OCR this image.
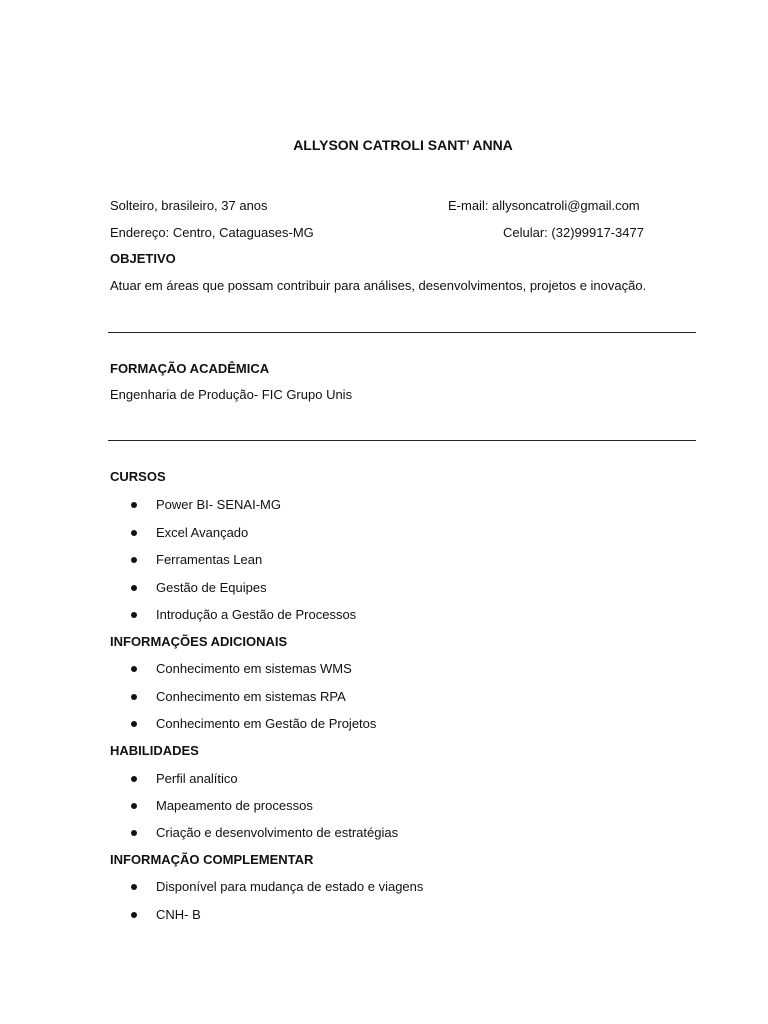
ALLYSON CATROLI SANT’ ANNA
Solteiro, brasileiro, 37 anos	E-mail: allysoncatroli@gmail.com
Endereço: Centro, Cataguases-MG	Celular: (32)99917-3477
OBJETIVO
Atuar em áreas que possam contribuir para análises, desenvolvimentos, projetos e inovação.
FORMAÇÃO ACADÊMICA
Engenharia de Produção- FIC Grupo Unis
CURSOS
Power BI- SENAI-MG
Excel Avançado
Ferramentas Lean
Gestão de Equipes
Introdução a Gestão de Processos
INFORMAÇÕES ADICIONAIS
Conhecimento em sistemas WMS
Conhecimento em sistemas RPA
Conhecimento em Gestão de Projetos
HABILIDADES
Perfil analítico
Mapeamento de processos
Criação e desenvolvimento de estratégias
INFORMAÇÃO COMPLEMENTAR
Disponível para mudança de estado e viagens
CNH- B
